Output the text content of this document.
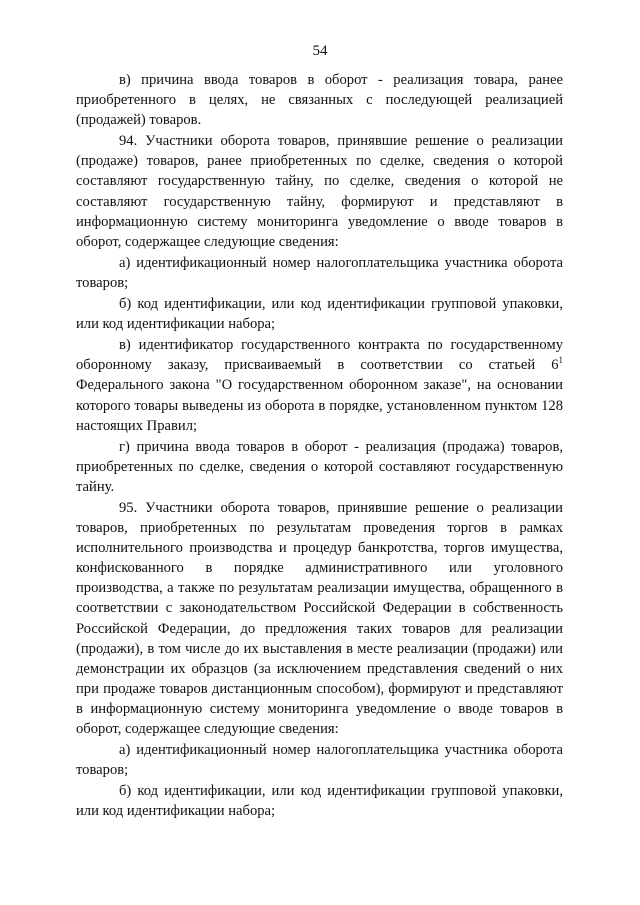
54

в) причина ввода товаров в оборот - реализация товара, ранее приобретенного в целях, не связанных с последующей реализацией (продажей) товаров.

94. Участники оборота товаров, принявшие решение о реализации (продаже) товаров, ранее приобретенных по сделке, сведения о которой составляют государственную тайну, по сделке, сведения о которой не составляют государственную тайну, формируют и представляют в информационную систему мониторинга уведомление о вводе товаров в оборот, содержащее следующие сведения:

а) идентификационный номер налогоплательщика участника оборота товаров;

б) код идентификации, или код идентификации групповой упаковки, или код идентификации набора;

в) идентификатор государственного контракта по государственному оборонному заказу, присваиваемый в соответствии со статьей $6^1$ Федерального закона "О государственном оборонном заказе", на основании которого товары выведены из оборота в порядке, установленном пунктом 128 настоящих Правил;

г) причина ввода товаров в оборот - реализация (продажа) товаров, приобретенных по сделке, сведения о которой составляют государственную тайну.

95. Участники оборота товаров, принявшие решение о реализации товаров, приобретенных по результатам проведения торгов в рамках исполнительного производства и процедур банкротства, торгов имущества, конфискованного в порядке административного или уголовного производства, а также по результатам реализации имущества, обращенного в соответствии с законодательством Российской Федерации в собственность Российской Федерации, до предложения таких товаров для реализации (продажи), в том числе до их выставления в месте реализации (продажи) или демонстрации их образцов (за исключением представления сведений о них при продаже товаров дистанционным способом), формируют и представляют в информационную систему мониторинга уведомление о вводе товаров в оборот, содержащее следующие сведения:

а) идентификационный номер налогоплательщика участника оборота товаров;

б) код идентификации, или код идентификации групповой упаковки, или код идентификации набора;
